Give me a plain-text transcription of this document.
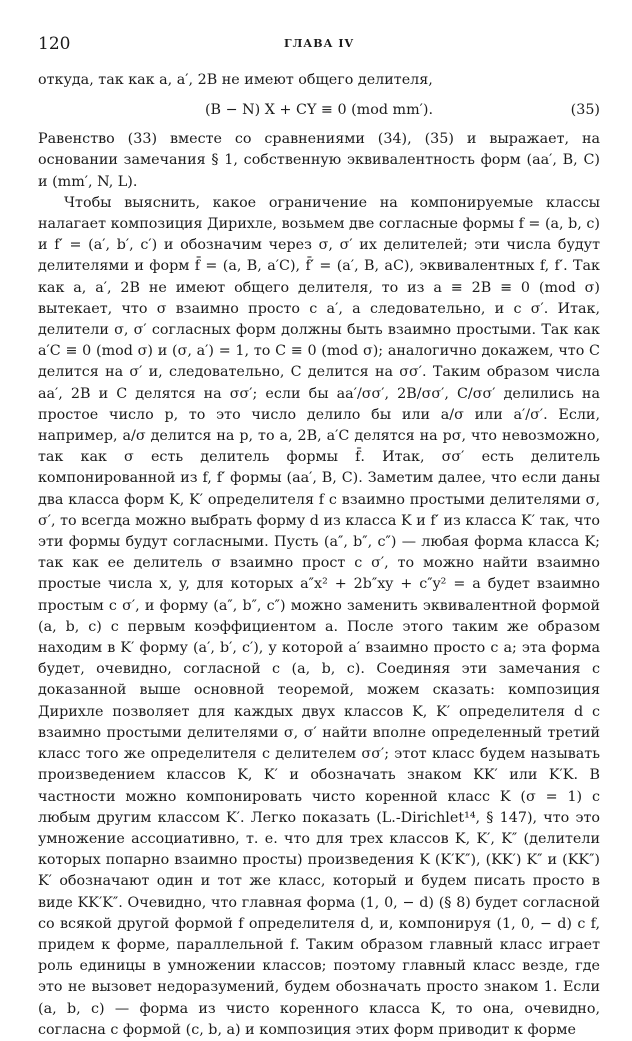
120	ГЛАВА IV

откуда, так как a, a′, 2B не имеют общего делителя,

(B − N) X + CY ≡ 0 (mod mm′).	(35)

Равенство (33) вместе со сравнениями (34), (35) и выражает, на основании замечания § 1, собственную эквивалентность форм (aa′, B, C) и (mm′, N, L).

Чтобы выяснить, какое ограничение на компонируемые классы налагает композиция Дирихле, возьмем две согласные формы f = (a, b, c) и f′ = (a′, b′, c′) и обозначим через σ, σ′ их делителей; эти числа будут делителями и форм f̄ = (a, B, a′C), f̄′ = (a′, B, aC), эквивалентных f, f′. Так как a, a′, 2B не имеют общего делителя, то из a ≡ 2B ≡ 0 (mod σ) вытекает, что σ взаимно просто с a′, а следовательно, и с σ′. Итак, делители σ, σ′ согласных форм должны быть взаимно простыми. Так как a′C ≡ 0 (mod σ) и (σ, a′) = 1, то C ≡ 0 (mod σ); аналогично докажем, что C делится на σ′ и, следовательно, C делится на σσ′. Таким образом числа aa′, 2B и C делятся на σσ′; если бы aa′/σσ′, 2B/σσ′, C/σσ′ делились на простое число p, то это число делило бы или a/σ или a′/σ′. Если, например, a/σ делится на p, то a, 2B, a′C делятся на pσ, что невозможно, так как σ есть делитель формы f̄. Итак, σσ′ есть делитель компонированной из f, f′ формы (aa′, B, C). Заметим далее, что если даны два класса форм K, K′ определителя f с взаимно простыми делителями σ, σ′, то всегда можно выбрать форму d из класса K и f′ из класса K′ так, что эти формы будут согласными. Пусть (a″, b″, c″) — любая форма класса K; так как ее делитель σ взаимно прост с σ′, то можно найти взаимно простые числа x, y, для которых a″x² + 2b″xy + c″y² = a будет взаимно простым с σ′, и форму (a″, b″, c″) можно заменить эквивалентной формой (a, b, c) с первым коэффициентом a. После этого таким же образом находим в K′ форму (a′, b′, c′), у которой a′ взаимно просто с a; эта форма будет, очевидно, согласной с (a, b, c). Соединяя эти замечания с доказанной выше основной теоремой, можем сказать: композиция Дирихле позволяет для каждых двух классов K, K′ определителя d с взаимно простыми делителями σ, σ′ найти вполне определенный третий класс того же определителя с делителем σσ′; этот класс будем называть произведением классов K, K′ и обозначать знаком KK′ или K′K. В частности можно компонировать чисто коренной класс K (σ = 1) с любым другим классом K′. Легко показать (L.-Dirichlet¹⁴, § 147), что это умножение ассоциативно, т. е. что для трех классов K, K′, K″ (делители которых попарно взаимно просты) произведения K (K′K″), (KK′) K″ и (KK″) K′ обозначают один и тот же класс, который и будем писать просто в виде KK′K″. Очевидно, что главная форма (1, 0, − d) (§ 8) будет согласной со всякой другой формой f определителя d, и, компонируя (1, 0, − d) с f, придем к форме, параллельной f. Таким образом главный класс играет роль единицы в умножении классов; поэтому главный класс везде, где это не вызовет недоразумений, будем обозначать просто знаком 1. Если (a, b, c) — форма из чисто коренного класса K, то она, очевидно, согласна с формой (c, b, a) и композиция этих форм приводит к форме
